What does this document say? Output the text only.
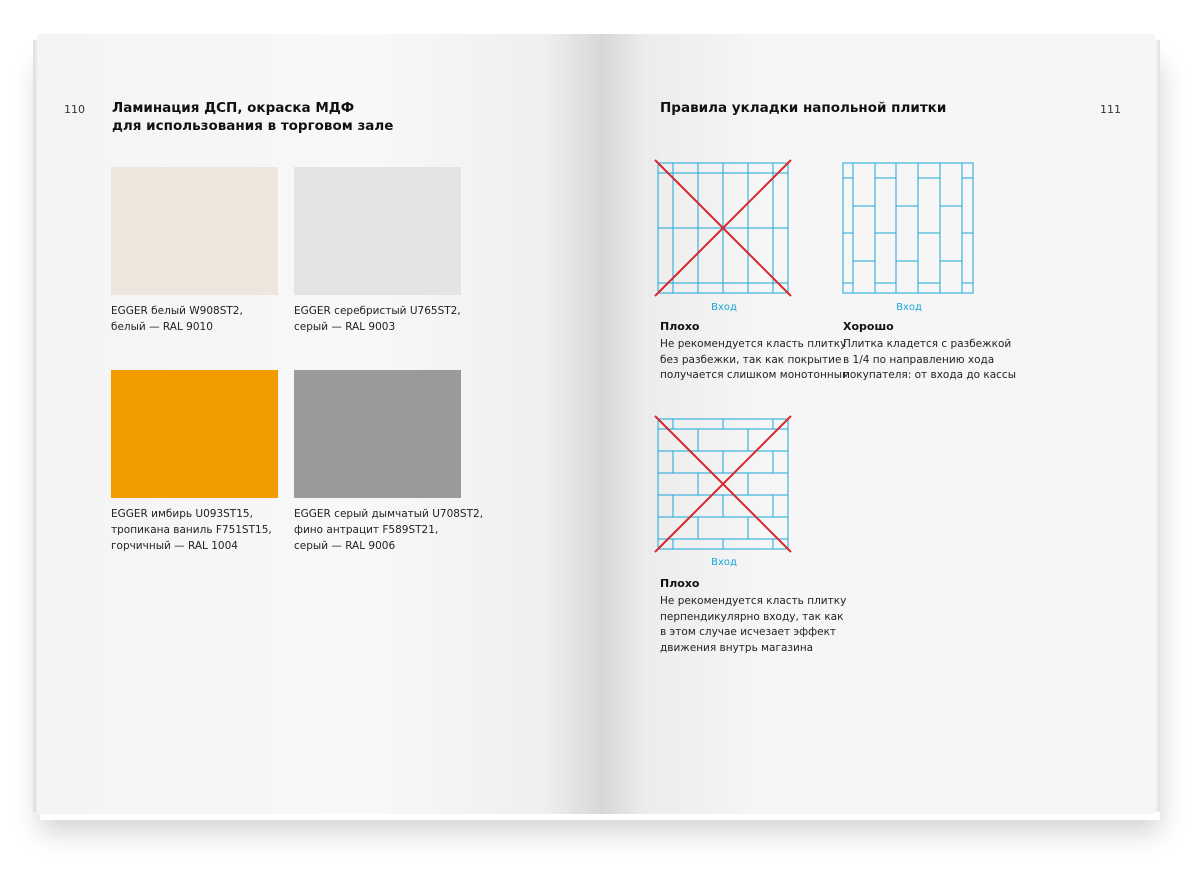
110 Ламинация ДСП, окраска МДФ
для использования в торговом зале
EGGER белый W908ST2,
белый — RAL 9010
EGGER серебристый U765ST2,
серый — RAL 9003
EGGER имбирь U093ST15,
тропикана ваниль F751ST15,
горчичный — RAL 1004
EGGER серый дымчатый U708ST2,
фино антрацит F589ST21,
серый — RAL 9006
Правила укладки напольной плитки	111
Вход
Плохо
Не рекомендуется класть плитку
без разбежки, так как покрытие
получается слишком монотонным
Вход
Хорошо
Плитка кладется с разбежкой
в 1/4 по направлению хода
покупателя: от входа до кассы
Вход
Плохо
Не рекомендуется класть плитку
перпендикулярно входу, так как
в этом случае исчезает эффект
движения внутрь магазина
